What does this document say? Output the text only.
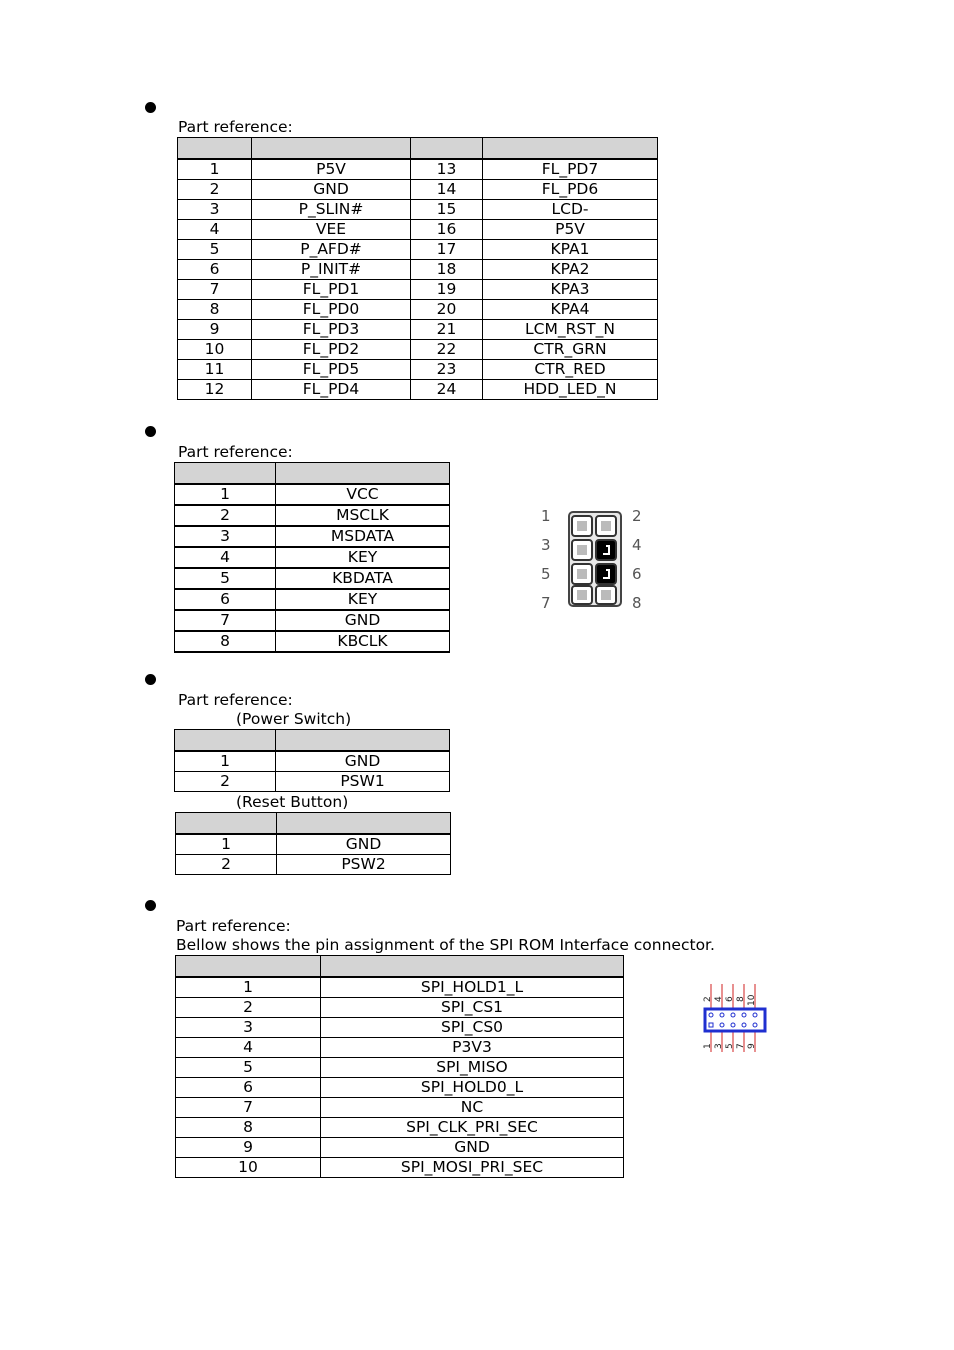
Part reference:

1	P5V	13	FL_PD7
2	GND	14	FL_PD6
3	P_SLIN#	15	LCD-
4	VEE	16	P5V
5	P_AFD#	17	KPA1
6	P_INIT#	18	KPA2
7	FL_PD1	19	KPA3
8	FL_PD0	20	KPA4
9	FL_PD3	21	LCM_RST_N
10	FL_PD2	22	CTR_GRN
11	FL_PD5	23	CTR_RED
12	FL_PD4	24	HDD_LED_N
Part reference:

1	VCC
2	MSCLK
3	MSDATA
4	KEY
5	KBDATA
6	KEY
7	GND
8	KBCLK
1
3
5
7
2
4
6
8
Part reference:
(Power Switch)

1	GND
2	PSW1
(Reset Button)

1	GND
2	PSW2
Part reference:
Bellow shows the pin assignment of the SPI ROM Interface connector.

1	SPI_HOLD1_L
2	SPI_CS1
3	SPI_CS0
4	P3V3
5	SPI_MISO
6	SPI_HOLD0_L
7	NC
8	SPI_CLK_PRI_SEC
9	GND
10	SPI_MOSI_PRI_SEC
2 4 6 8 10
1 3 5 7 9
